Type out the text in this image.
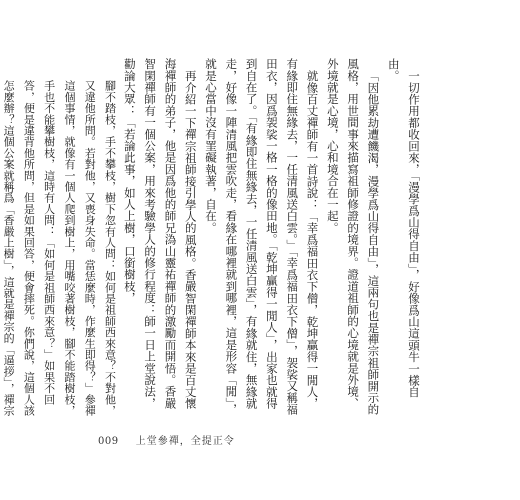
一切作用都收回來，「漫學爲山得自由」，好像爲山這頭牛一樣自由。

「因他累劫遭饑渴，漫學爲山得自由」，這兩句也是禪宗祖師開示的風格，用世間事來描寫祖師修證的境界。證道祖師的心境就是外境、外境就是心境，心和境合在一起。

就像百丈禪師有一首詩說：「幸爲福田衣下僧，乾坤贏得一閒人，有緣即住無緣去，一任清風送白雲。」「幸爲福田衣下僧」，袈裟又稱福田衣，因爲袈裟一格一格的像田地。「乾坤贏得一閒人」，出家也就得到自在了。「有緣即住無緣去，一任清風送白雲」，有緣就住，無緣就走，好像一陣清風把雲吹走，看緣在哪裡就到哪裡，這是形容「閒」，就是心當中沒有罣礙執著，自在。

再介紹一下禪宗祖師接引學人的風格。香嚴智閑禪師本來是百丈懷海禪師的弟子，他是因爲他的師兄溈山靈祐禪師的激勵而開悟。香嚴智閑禪師有一個公案，用來考驗學人的修行程度：師一日上堂說法，勸論大眾：「若論此事，如人上樹，口銜樹枝，

腳不踏枝，手不攀枝，樹下忽有人問：如何是祖師西來意？不對他，又違他所問。若對他，又喪身失命。當恁麼時，作麼生即得？」參禪這個事情，就像有一個人爬到樹上，用嘴咬著樹枝，腳不能踏樹枝，手也不能攀樹枝，這時有人問：「如何是祖師西來意？」如果不回答，便是違背他所問，但是如果回答，便會摔死。你們說，這個人該怎麼辦？這個公案就稱爲「香嚴上樹」，這就是禪宗的「逼拶」，禪宗

009 上堂參禪，全提正令
